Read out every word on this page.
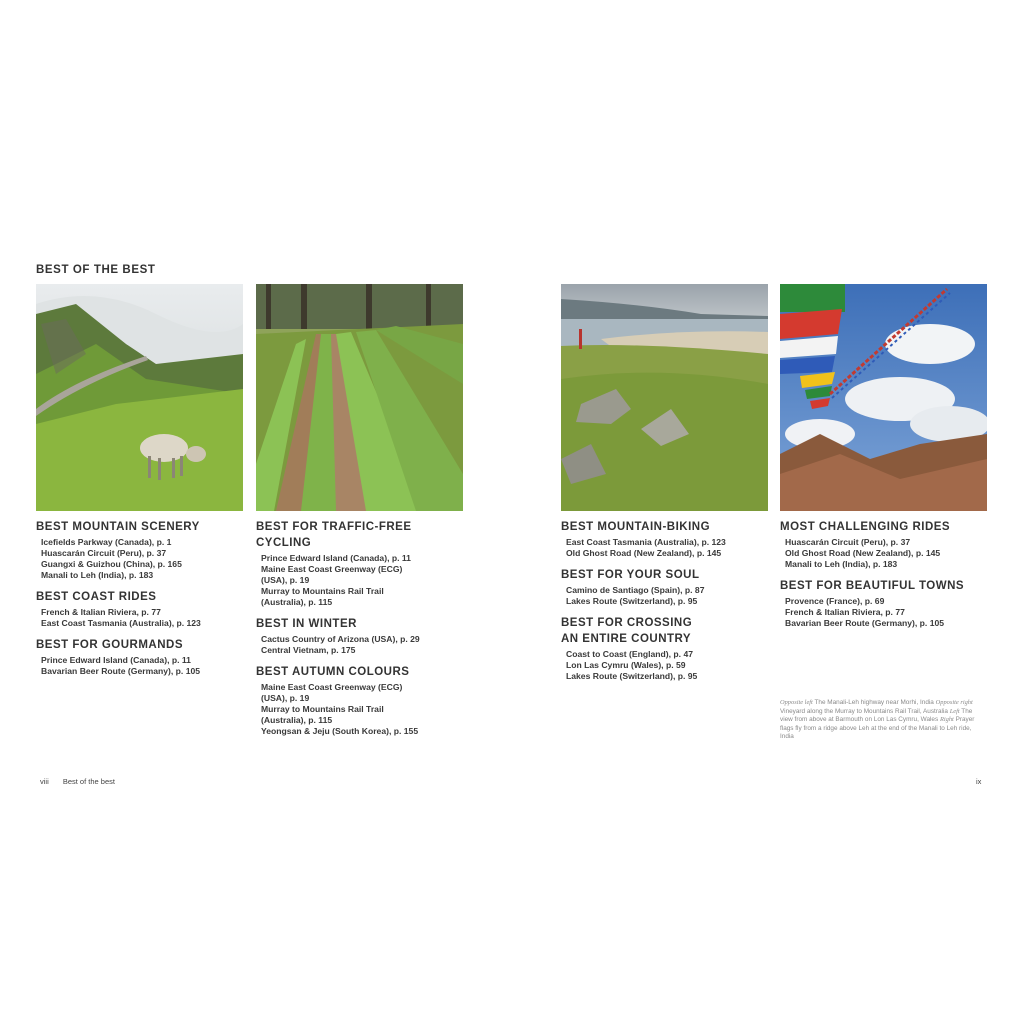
BEST OF THE BEST
BEST MOUNTAIN SCENERY
Icefields Parkway (Canada), p. 1
Huascarán Circuit (Peru), p. 37
Guangxi & Guizhou (China), p. 165
Manali to Leh (India), p. 183
BEST COAST RIDES
French & Italian Riviera, p. 77
East Coast Tasmania (Australia), p. 123
BEST FOR GOURMANDS
Prince Edward Island (Canada), p. 11
Bavarian Beer Route (Germany), p. 105
BEST FOR TRAFFIC-FREE
CYCLING
Prince Edward Island (Canada), p. 11
Maine East Coast Greenway (ECG)
(USA), p. 19
Murray to Mountains Rail Trail
(Australia), p. 115
BEST IN WINTER
Cactus Country of Arizona (USA), p. 29
Central Vietnam, p. 175
BEST AUTUMN COLOURS
Maine East Coast Greenway (ECG)
(USA), p. 19
Murray to Mountains Rail Trail
(Australia), p. 115
Yeongsan & Jeju (South Korea), p. 155
viii Best of the best
BEST MOUNTAIN-BIKING
East Coast Tasmania (Australia), p. 123
Old Ghost Road (New Zealand), p. 145
BEST FOR YOUR SOUL
Camino de Santiago (Spain), p. 87
Lakes Route (Switzerland), p. 95
BEST FOR CROSSING
AN ENTIRE COUNTRY
Coast to Coast (England), p. 47
Lon Las Cymru (Wales), p. 59
Lakes Route (Switzerland), p. 95
MOST CHALLENGING RIDES
Huascarán Circuit (Peru), p. 37
Old Ghost Road (New Zealand), p. 145
Manali to Leh (India), p. 183
BEST FOR BEAUTIFUL TOWNS
Provence (France), p. 69
French & Italian Riviera, p. 77
Bavarian Beer Route (Germany), p. 105
Opposite left The Manali-Leh highway near Morhi, India Opposite right Vineyard along the Murray to Mountains Rail Trail, Australia Left The view from above at Barmouth on Lon Las Cymru, Wales Right Prayer flags fly from a ridge above Leh at the end of the Manali to Leh ride, India
ix
